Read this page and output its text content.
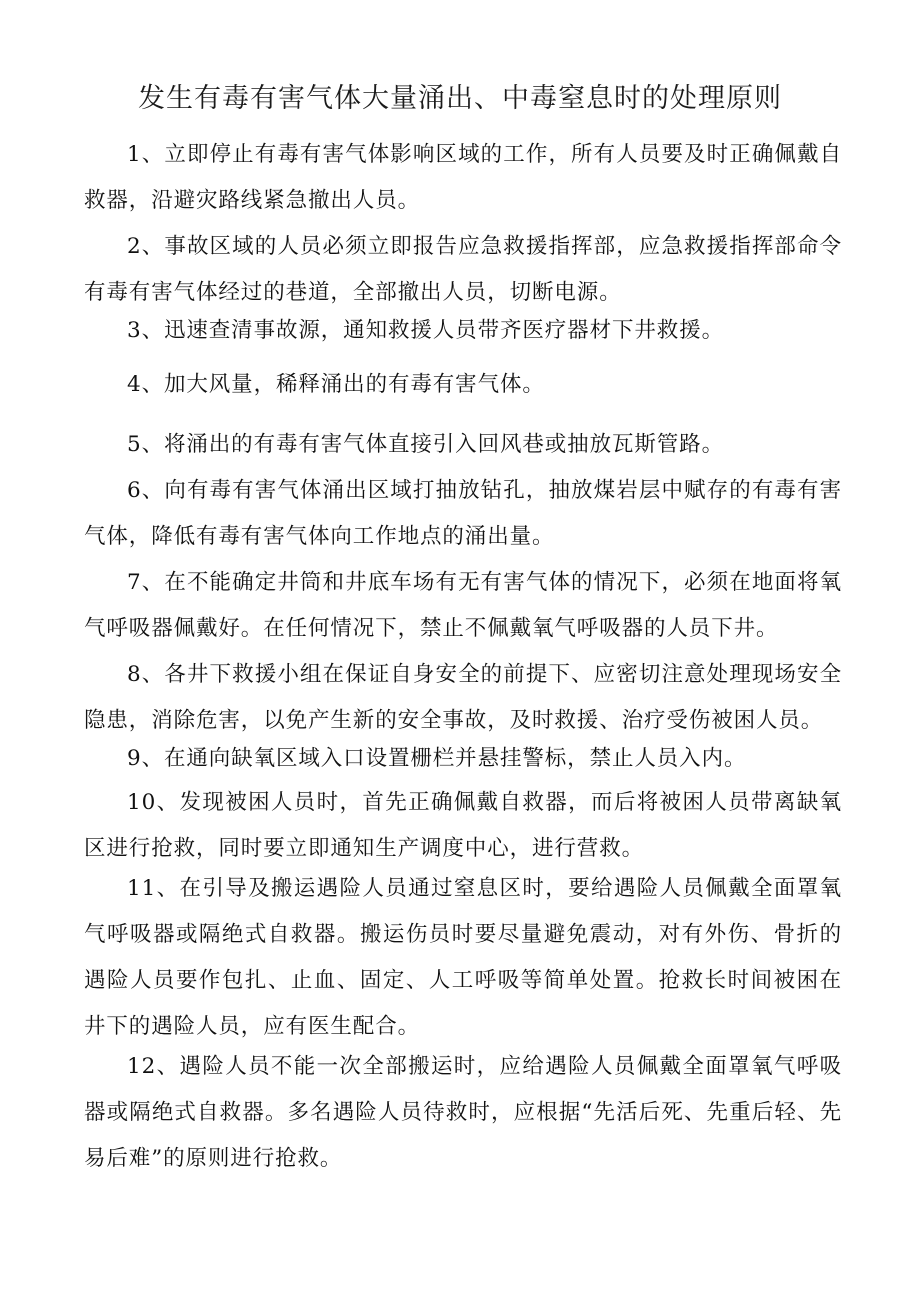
发生有毒有害气体大量涌出、中毒窒息时的处理原则

1、立即停止有毒有害气体影响区域的工作，所有人员要及时正确佩戴自救器，沿避灾路线紧急撤出人员。

2、事故区域的人员必须立即报告应急救援指挥部，应急救援指挥部命令有毒有害气体经过的巷道，全部撤出人员，切断电源。

3、迅速查清事故源，通知救援人员带齐医疗器材下井救援。

4、加大风量，稀释涌出的有毒有害气体。

5、将涌出的有毒有害气体直接引入回风巷或抽放瓦斯管路。

6、向有毒有害气体涌出区域打抽放钻孔，抽放煤岩层中赋存的有毒有害气体，降低有毒有害气体向工作地点的涌出量。

7、在不能确定井筒和井底车场有无有害气体的情况下，必须在地面将氧气呼吸器佩戴好。在任何情况下，禁止不佩戴氧气呼吸器的人员下井。

8、各井下救援小组在保证自身安全的前提下、应密切注意处理现场安全隐患，消除危害，以免产生新的安全事故，及时救援、治疗受伤被困人员。

9、在通向缺氧区域入口设置栅栏并悬挂警标，禁止人员入内。

10、发现被困人员时，首先正确佩戴自救器，而后将被困人员带离缺氧区进行抢救，同时要立即通知生产调度中心，进行营救。

11、在引导及搬运遇险人员通过窒息区时，要给遇险人员佩戴全面罩氧气呼吸器或隔绝式自救器。搬运伤员时要尽量避免震动，对有外伤、骨折的遇险人员要作包扎、止血、固定、人工呼吸等简单处置。抢救长时间被困在井下的遇险人员，应有医生配合。

12、遇险人员不能一次全部搬运时，应给遇险人员佩戴全面罩氧气呼吸器或隔绝式自救器。多名遇险人员待救时，应根据“先活后死、先重后轻、先易后难”的原则进行抢救。
